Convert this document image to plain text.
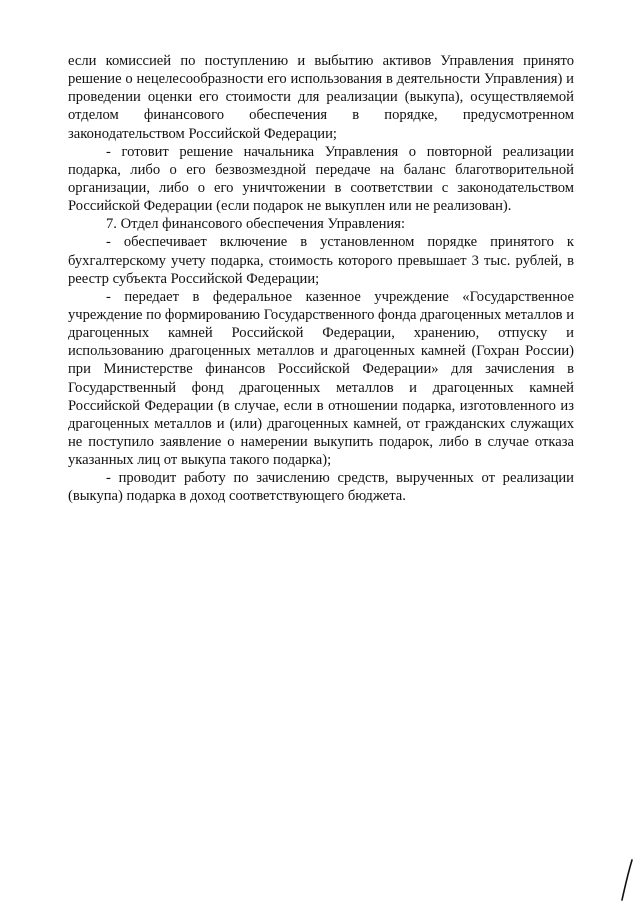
если комиссией по поступлению и выбытию активов Управления принято
решение о нецелесообразности его использования в деятельности Управления) и
проведении оценки его стоимости для реализации (выкупа), осуществляемой
отделом финансового обеспечения в порядке, предусмотренном
законодательством Российской Федерации;
- готовит решение начальника Управления о повторной реализации
подарка, либо о его безвозмездной передаче на баланс благотворительной
организации, либо о его уничтожении в соответствии с законодательством
Российской Федерации (если подарок не выкуплен или не реализован).
7. Отдел финансового обеспечения Управления:
- обеспечивает включение в установленном порядке принятого к
бухгалтерскому учету подарка, стоимость которого превышает 3 тыс. рублей, в
реестр субъекта Российской Федерации;
- передает в федеральное казенное учреждение «Государственное
учреждение по формированию Государственного фонда драгоценных металлов и
драгоценных камней Российской Федерации, хранению, отпуску и
использованию драгоценных металлов и драгоценных камней (Гохран России)
при Министерстве финансов Российской Федерации» для зачисления в
Государственный фонд драгоценных металлов и драгоценных камней
Российской Федерации (в случае, если в отношении подарка, изготовленного из
драгоценных металлов и (или) драгоценных камней, от гражданских служащих
не поступило заявление о намерении выкупить подарок, либо в случае отказа
указанных лиц от выкупа такого подарка);
- проводит работу по зачислению средств, вырученных от реализации
(выкупа) подарка в доход соответствующего бюджета.
